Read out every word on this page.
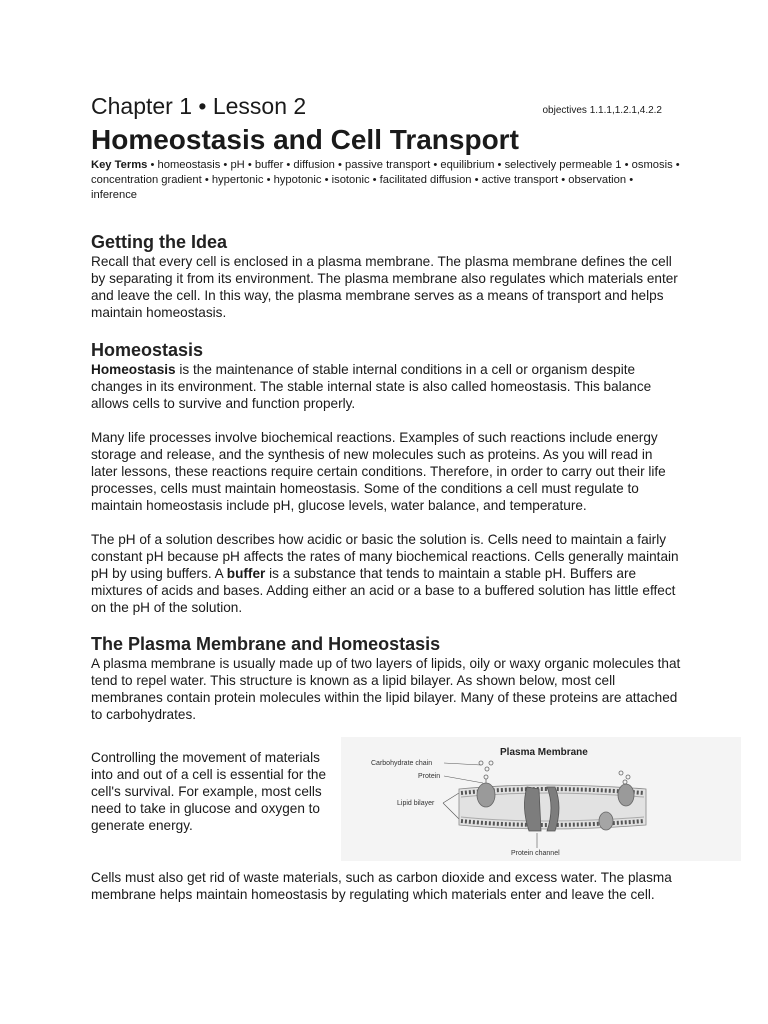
Chapter 1 • Lesson 2	objectives 1.1.1,1.2.1,4.2.2
Homeostasis and Cell Transport

Key Terms • homeostasis • pH • buffer • diffusion • passive transport • equilibrium • selectively permeable 1 • osmosis • concentration gradient • hypertonic • hypotonic • isotonic • facilitated diffusion • active transport • observation • inference

Getting the Idea

Recall that every cell is enclosed in a plasma membrane. The plasma membrane defines the cell by separating it from its environment. The plasma membrane also regulates which materials enter and leave the cell. In this way, the plasma membrane serves as a means of transport and helps maintain homeostasis.

Homeostasis

Homeostasis is the maintenance of stable internal conditions in a cell or organism despite changes in its environment. The stable internal state is also called homeostasis. This balance allows cells to survive and function properly.

Many life processes involve biochemical reactions. Examples of such reactions include energy storage and release, and the synthesis of new molecules such as proteins. As you will read in later lessons, these reactions require certain conditions. Therefore, in order to carry out their life processes, cells must maintain homeostasis. Some of the conditions a cell must regulate to maintain homeostasis include pH, glucose levels, water balance, and temperature.

The pH of a solution describes how acidic or basic the solution is. Cells need to maintain a fairly constant pH because pH affects the rates of many biochemical reactions. Cells generally maintain pH by using buffers. A buffer is a substance that tends to maintain a stable pH. Buffers are mixtures of acids and bases. Adding either an acid or a base to a buffered solution has little effect on the pH of the solution.

The Plasma Membrane and Homeostasis

A plasma membrane is usually made up of two layers of lipids, oily or waxy organic molecules that tend to repel water. This structure is known as a lipid bilayer. As shown below, most cell membranes contain protein molecules within the lipid bilayer. Many of these proteins are attached to carbohydrates.

Controlling the movement of materials into and out of a cell is essential for the cell's survival. For example, most cells need to take in glucose and oxygen to generate energy.

Plasma Membrane
Carbohydrate chain
Protein
Lipid bilayer
Protein channel

Cells must also get rid of waste materials, such as carbon dioxide and excess water. The plasma membrane helps maintain homeostasis by regulating which materials enter and leave the cell.
